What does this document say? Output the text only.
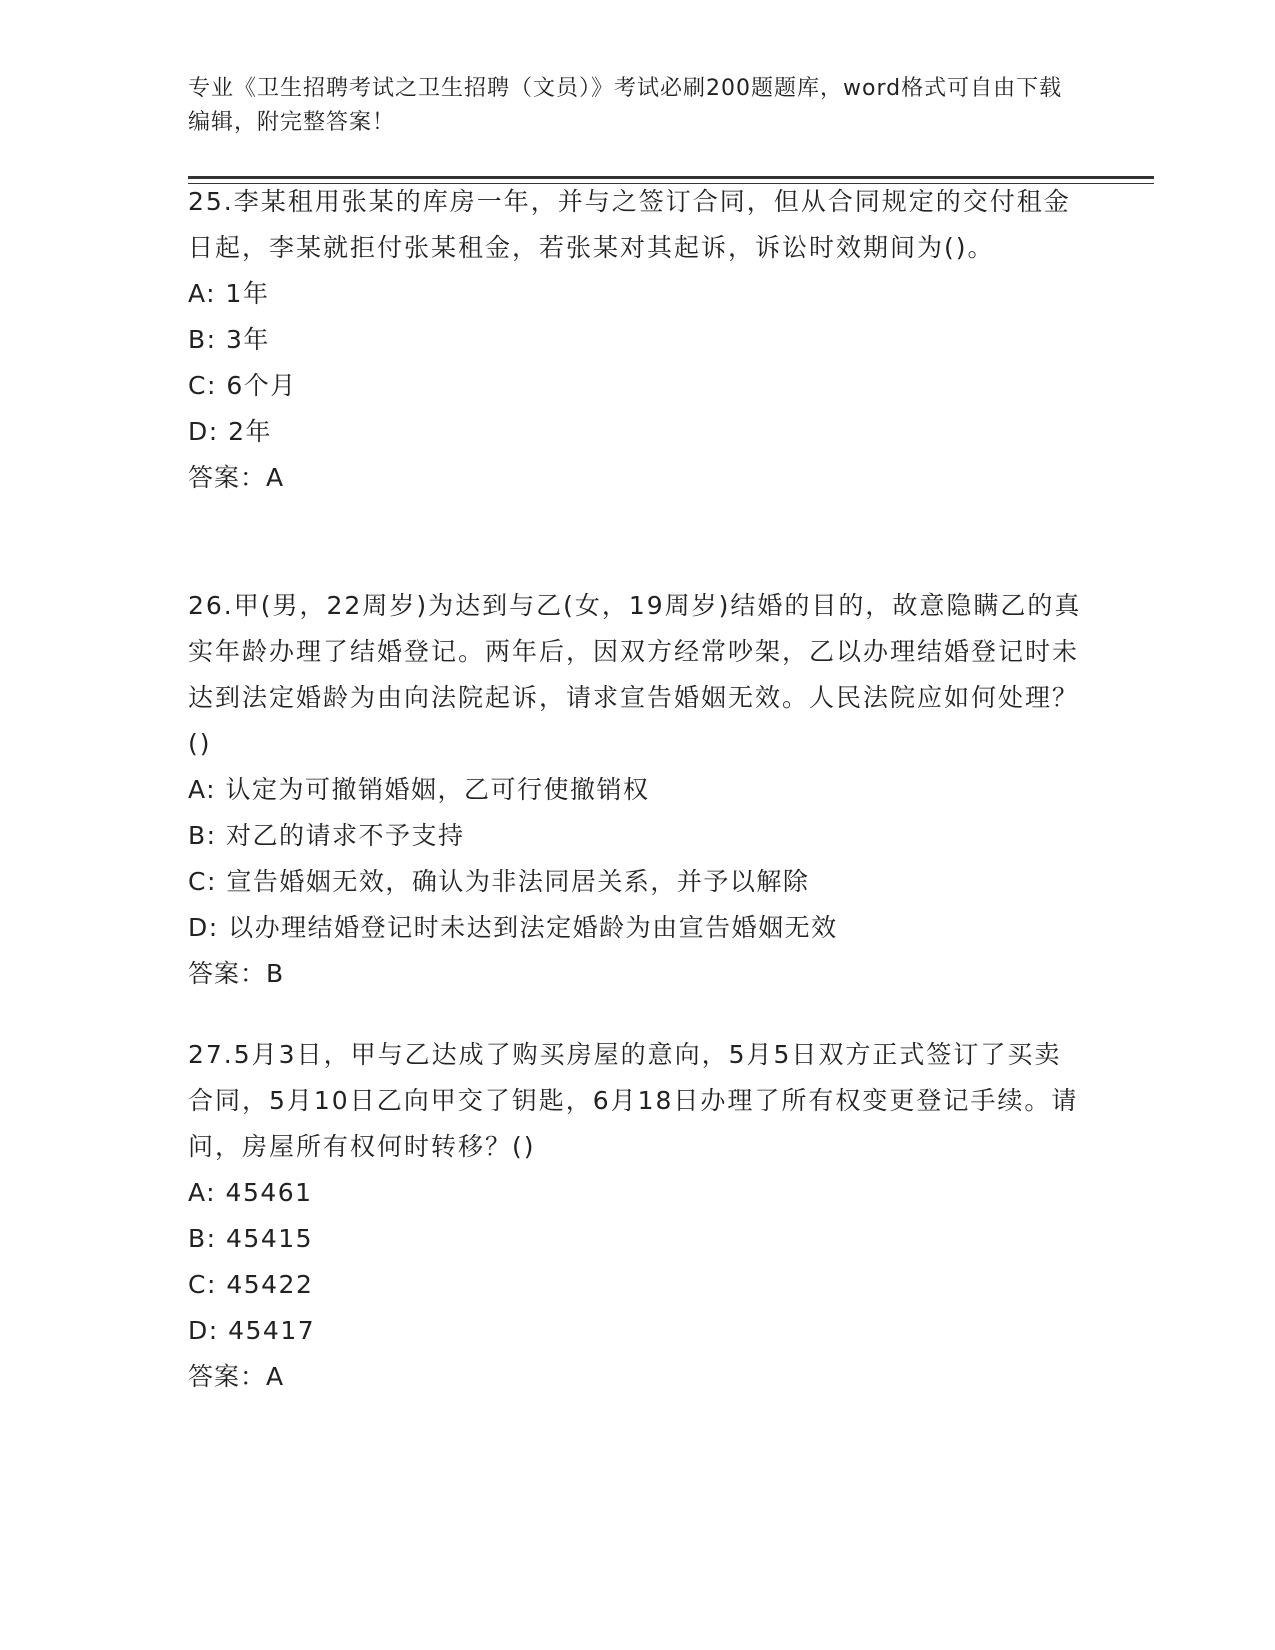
专业《卫生招聘考试之卫生招聘（文员）》考试必刷200题题库，word格式可自由下载编辑，附完整答案！
25.李某租用张某的库房一年，并与之签订合同，但从合同规定的交付租金日起，李某就拒付张某租金，若张某对其起诉，诉讼时效期间为()。
A: 1年
B: 3年
C: 6个月
D: 2年
答案：A
26.甲(男，22周岁)为达到与乙(女，19周岁)结婚的目的，故意隐瞒乙的真实年龄办理了结婚登记。两年后，因双方经常吵架，乙以办理结婚登记时未达到法定婚龄为由向法院起诉，请求宣告婚姻无效。人民法院应如何处理？()
A: 认定为可撤销婚姻，乙可行使撤销权
B: 对乙的请求不予支持
C: 宣告婚姻无效，确认为非法同居关系，并予以解除
D: 以办理结婚登记时未达到法定婚龄为由宣告婚姻无效
答案：B
27.5月3日，甲与乙达成了购买房屋的意向，5月5日双方正式签订了买卖合同，5月10日乙向甲交了钥匙，6月18日办理了所有权变更登记手续。请问，房屋所有权何时转移？()
A: 45461
B: 45415
C: 45422
D: 45417
答案：A
